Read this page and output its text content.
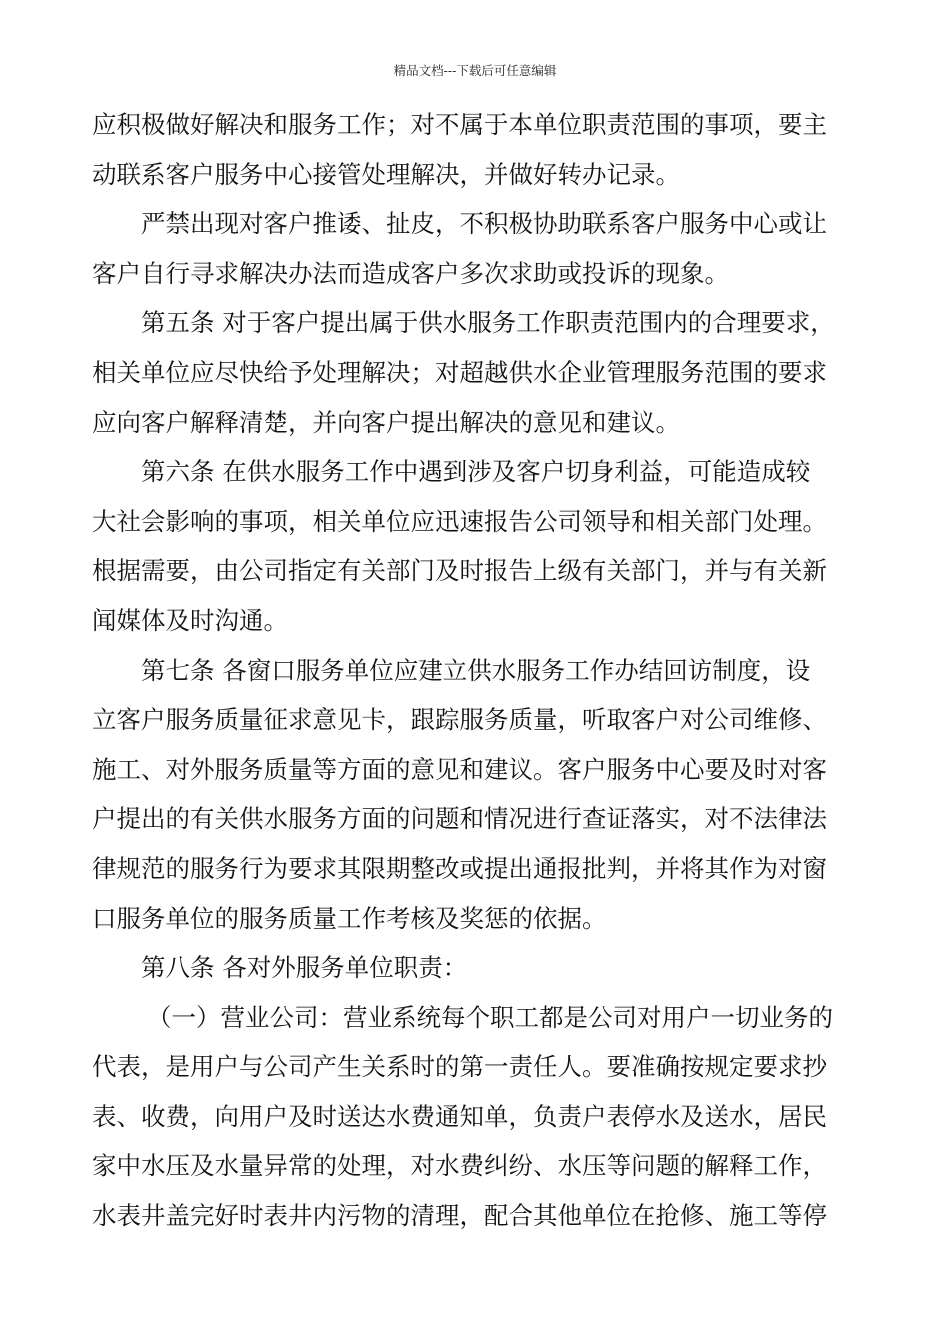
精品文档---下载后可任意编辑
应积极做好解决和服务工作；对不属于本单位职责范围的事项，要主
动联系客户服务中心接管处理解决，并做好转办记录。
严禁出现对客户推诿、扯皮，不积极协助联系客户服务中心或让
客户自行寻求解决办法而造成客户多次求助或投诉的现象。
第五条 对于客户提出属于供水服务工作职责范围内的合理要求，
相关单位应尽快给予处理解决；对超越供水企业管理服务范围的要求
应向客户解释清楚，并向客户提出解决的意见和建议。
第六条 在供水服务工作中遇到涉及客户切身利益，可能造成较
大社会影响的事项，相关单位应迅速报告公司领导和相关部门处理。
根据需要，由公司指定有关部门及时报告上级有关部门，并与有关新
闻媒体及时沟通。
第七条 各窗口服务单位应建立供水服务工作办结回访制度，设
立客户服务质量征求意见卡，跟踪服务质量，听取客户对公司维修、
施工、对外服务质量等方面的意见和建议。客户服务中心要及时对客
户提出的有关供水服务方面的问题和情况进行查证落实，对不法律法
律规范的服务行为要求其限期整改或提出通报批判，并将其作为对窗
口服务单位的服务质量工作考核及奖惩的依据。
第八条 各对外服务单位职责：
（一）营业公司：营业系统每个职工都是公司对用户一切业务的
代表，是用户与公司产生关系时的第一责任人。要准确按规定要求抄
表、收费，向用户及时送达水费通知单，负责户表停水及送水，居民
家中水压及水量异常的处理，对水费纠纷、水压等问题的解释工作，
水表井盖完好时表井内污物的清理，配合其他单位在抢修、施工等停
